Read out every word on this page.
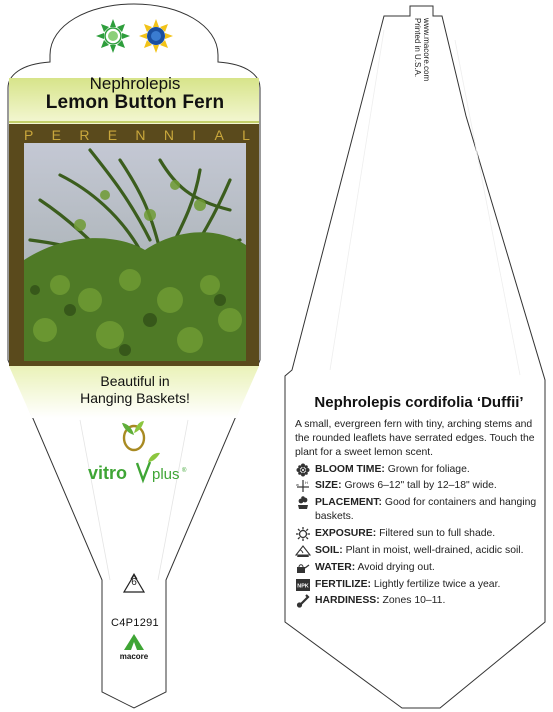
vitro plus ®
macore
Nephrolepis
Lemon Button Fern
P E R E N N I A L
Beautiful in
Hanging Baskets!
6
C4P1291
Printed in U.S.A. www.macore.com
Nephrolepis cordifolia ‘Duffii’

A small, evergreen fern with tiny, arching stems and the rounded leaflets have serrated edges. Touch the plant for a sweet lemon scent.

BLOOM TIME: Grown for foliage.

w H SIZE: Grows 6–12" tall by 12–18" wide.

PLACEMENT: Good for containers and hanging baskets.

EXPOSURE: Filtered sun to full shade.

SOIL: Plant in moist, well-drained, acidic soil.

WATER: Avoid drying out.

NPK FERTILIZE: Lightly fertilize twice a year.

HARDINESS: Zones 10–11.
